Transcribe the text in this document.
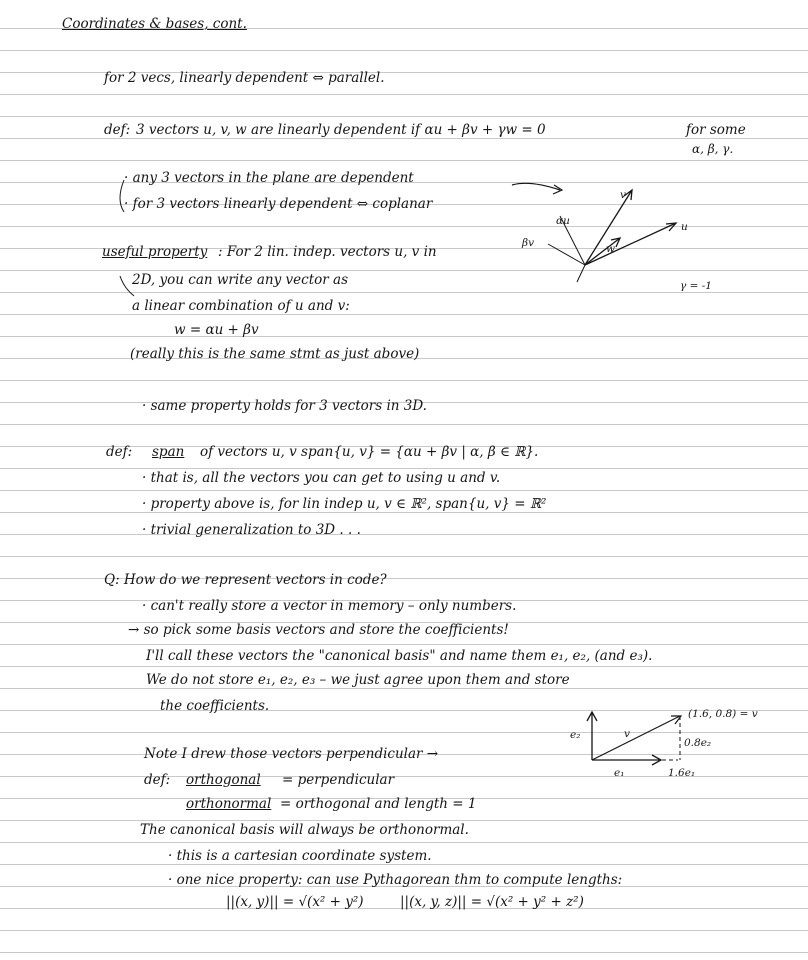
Coordinates & bases, cont.
for 2 vecs, linearly dependent ⇔ parallel.
def: 3 vectors u, v, w are linearly dependent if αu + βv + γw = 0	for some
α, β, γ.
· any 3 vectors in the plane are dependent
· for 3 vectors linearly dependent ⇔ coplanar
useful property : For 2 lin. indep. vectors u, v in
2D, you can write any vector as
a linear combination of u and v:
w = αu + βv
(really this is the same stmt as just above)
· same property holds for 3 vectors in 3D.
def: span of vectors u, v span{u, v} = {αu + βv | α, β ∈ ℝ}.
· that is, all the vectors you can get to using u and v.
· property above is, for lin indep u, v ∈ ℝ², span{u, v} = ℝ²
· trivial generalization to 3D . . .
Q: How do we represent vectors in code?
· can't really store a vector in memory – only numbers.
→ so pick some basis vectors and store the coefficients!
I'll call these vectors the "canonical basis" and name them e₁, e₂, (and e₃).
We do not store e₁, e₂, e₃ – we just agree upon them and store
the coefficients.
Note I drew those vectors perpendicular →
def: orthogonal = perpendicular
orthonormal = orthogonal and length = 1
The canonical basis will always be orthonormal.
· this is a cartesian coordinate system.
· one nice property: can use Pythagorean thm to compute lengths:
||(x, y)|| = √(x² + y²)	||(x, y, z)|| = √(x² + y² + z²)
αu
βv
v
u
w
γ = -1
(1.6, 0.8) = v
e₂	v
0.8e₂
e₁	1.6e₁
